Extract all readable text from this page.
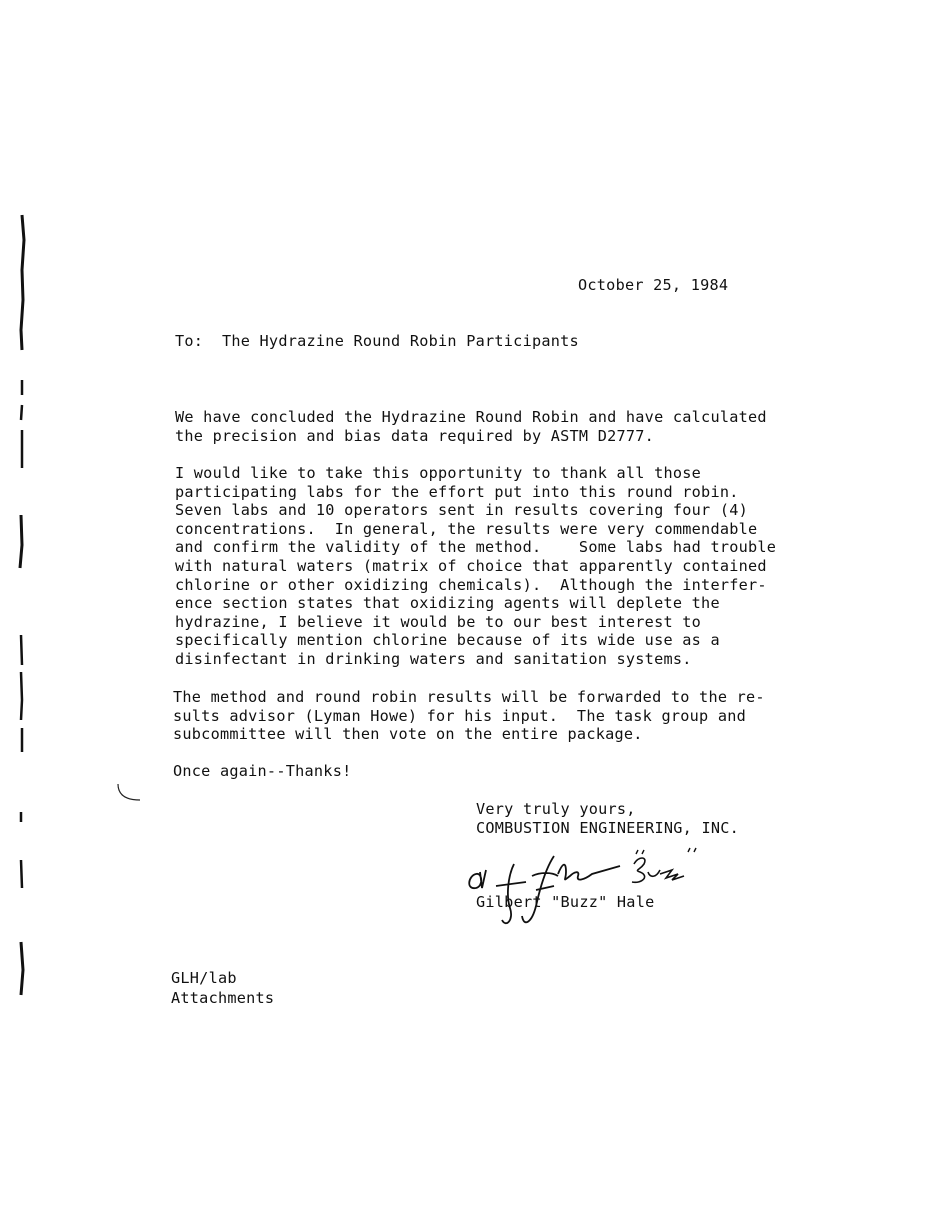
October 25, 1984
To:  The Hydrazine Round Robin Participants
We have concluded the Hydrazine Round Robin and have calculated
the precision and bias data required by ASTM D2777.
I would like to take this opportunity to thank all those
participating labs for the effort put into this round robin.
Seven labs and 10 operators sent in results covering four (4)
concentrations.  In general, the results were very commendable
and confirm the validity of the method.    Some labs had trouble
with natural waters (matrix of choice that apparently contained
chlorine or other oxidizing chemicals).  Although the interfer-
ence section states that oxidizing agents will deplete the
hydrazine, I believe it would be to our best interest to
specifically mention chlorine because of its wide use as a
disinfectant in drinking waters and sanitation systems.
The method and round robin results will be forwarded to the re-
sults advisor (Lyman Howe) for his input.  The task group and
subcommittee will then vote on the entire package.
Once again--Thanks!
Very truly yours,
COMBUSTION ENGINEERING, INC.
Gilbert "Buzz" Hale
GLH/lab
Attachments
